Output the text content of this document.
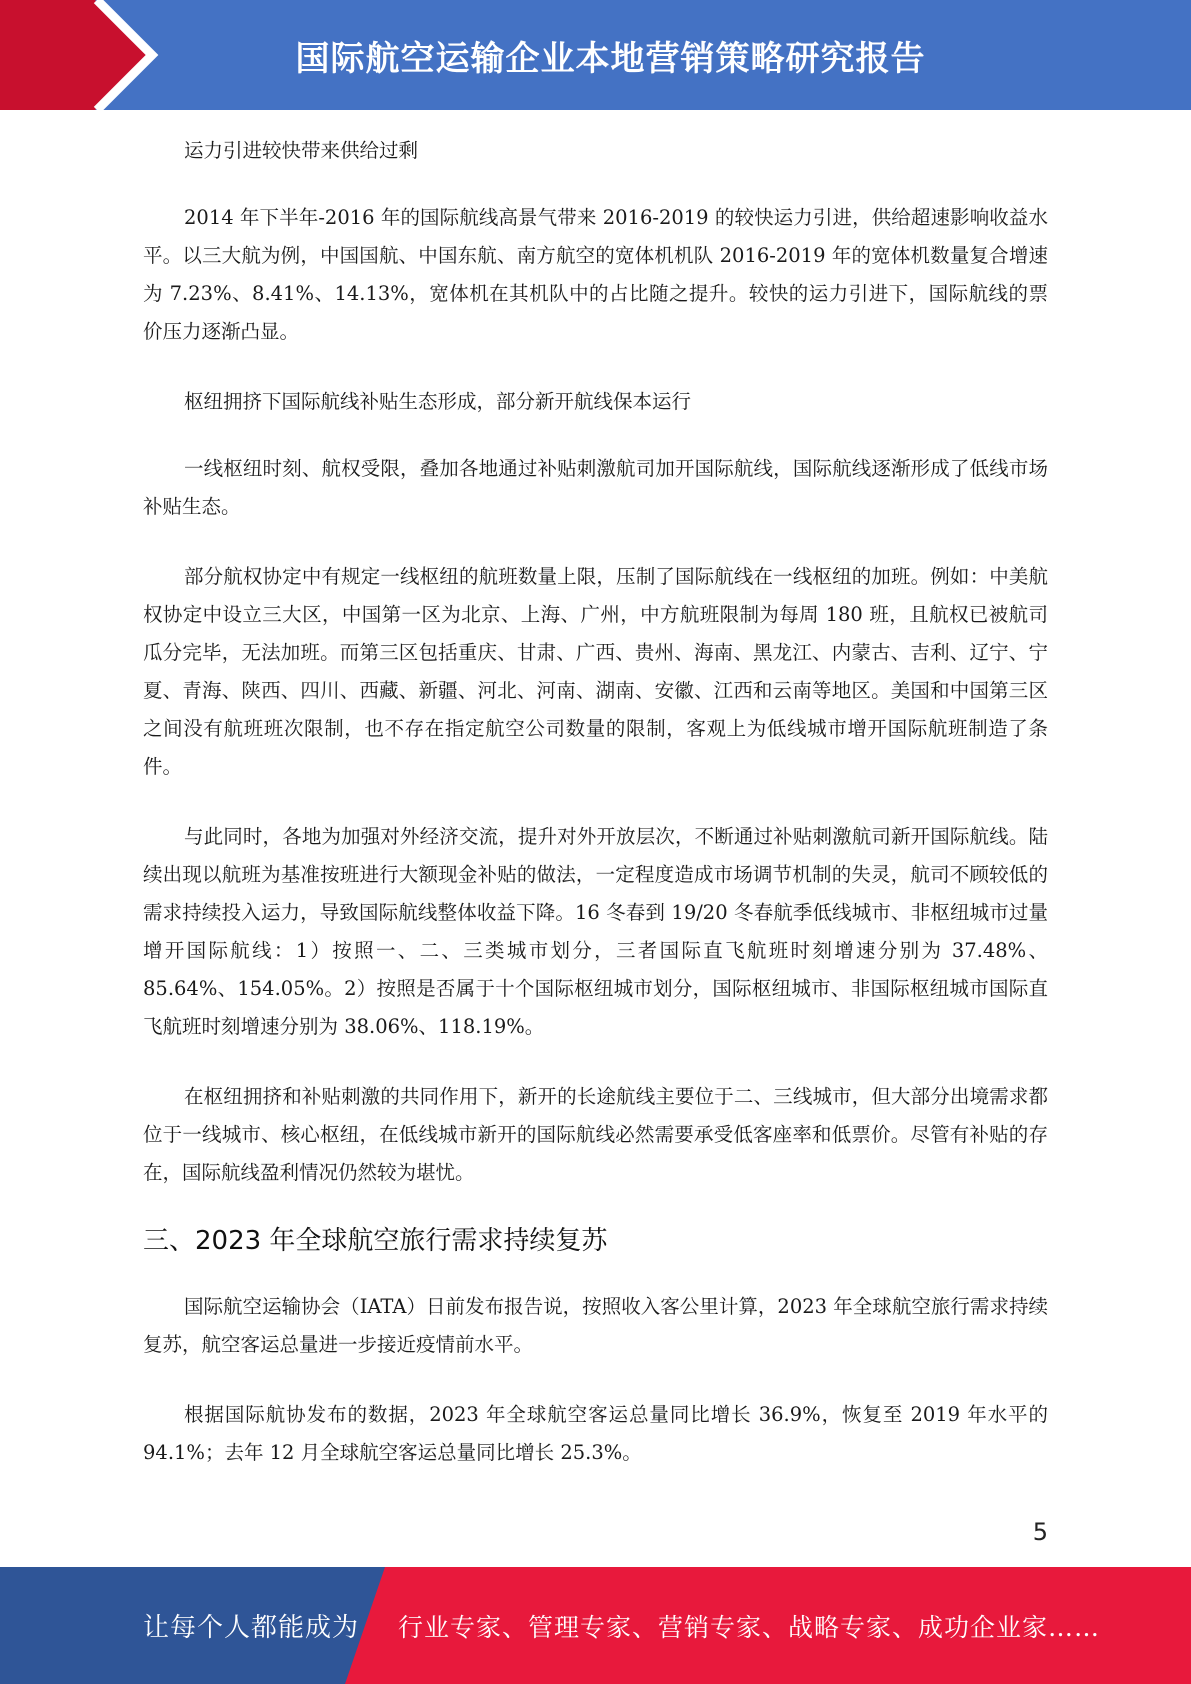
国际航空运输企业本地营销策略研究报告

运力引进较快带来供给过剩

2014 年下半年-2016 年的国际航线高景气带来 2016-2019 的较快运力引进，供给超速影响收益水平。以三大航为例，中国国航、中国东航、南方航空的宽体机机队 2016-2019 年的宽体机数量复合增速为 7.23%、8.41%、14.13%，宽体机在其机队中的占比随之提升。较快的运力引进下，国际航线的票价压力逐渐凸显。

枢纽拥挤下国际航线补贴生态形成，部分新开航线保本运行

一线枢纽时刻、航权受限，叠加各地通过补贴刺激航司加开国际航线，国际航线逐渐形成了低线市场补贴生态。

部分航权协定中有规定一线枢纽的航班数量上限，压制了国际航线在一线枢纽的加班。例如：中美航权协定中设立三大区，中国第一区为北京、上海、广州，中方航班限制为每周 180 班，且航权已被航司瓜分完毕，无法加班。而第三区包括重庆、甘肃、广西、贵州、海南、黑龙江、内蒙古、吉利、辽宁、宁夏、青海、陕西、四川、西藏、新疆、河北、河南、湖南、安徽、江西和云南等地区。美国和中国第三区之间没有航班班次限制，也不存在指定航空公司数量的限制，客观上为低线城市增开国际航班制造了条件。

与此同时，各地为加强对外经济交流，提升对外开放层次，不断通过补贴刺激航司新开国际航线。陆续出现以航班为基准按班进行大额现金补贴的做法，一定程度造成市场调节机制的失灵，航司不顾较低的需求持续投入运力，导致国际航线整体收益下降。16 冬春到 19/20 冬春航季低线城市、非枢纽城市过量增开国际航线：1）按照一、二、三类城市划分，三者国际直飞航班时刻增速分别为 37.48%、85.64%、154.05%。2）按照是否属于十个国际枢纽城市划分，国际枢纽城市、非国际枢纽城市国际直飞航班时刻增速分别为 38.06%、118.19%。

在枢纽拥挤和补贴刺激的共同作用下，新开的长途航线主要位于二、三线城市，但大部分出境需求都位于一线城市、核心枢纽，在低线城市新开的国际航线必然需要承受低客座率和低票价。尽管有补贴的存在，国际航线盈利情况仍然较为堪忧。

三、2023 年全球航空旅行需求持续复苏

国际航空运输协会（IATA）日前发布报告说，按照收入客公里计算，2023 年全球航空旅行需求持续复苏，航空客运总量进一步接近疫情前水平。

根据国际航协发布的数据，2023 年全球航空客运总量同比增长 36.9%，恢复至 2019 年水平的 94.1%；去年 12 月全球航空客运总量同比增长 25.3%。

5
让每个人都能成为 行业专家、管理专家、营销专家、战略专家、成功企业家……
